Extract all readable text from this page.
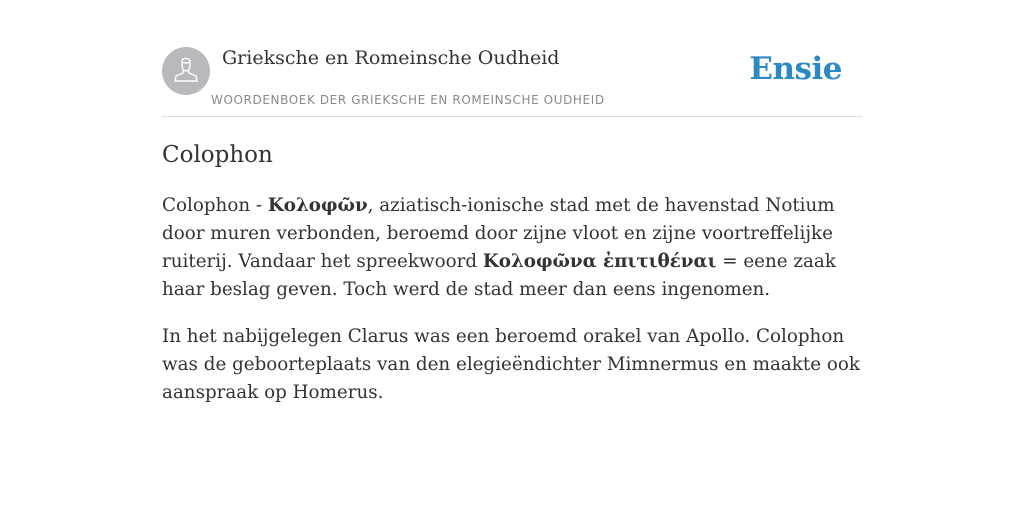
Grieksche en Romeinsche Oudheid
WOORDENBOEK DER GRIEKSCHE EN ROMEINSCHE OUDHEID
Ensie
Colophon

Colophon - Κολοφῶν, aziatisch-ionische stad met de havenstad Notium door muren verbonden, beroemd door zijne vloot en zijne voortreffelijke ruiterij. Vandaar het spreekwoord Κολοφῶνα ἐπιτιθέναι = eene zaak haar beslag geven. Toch werd de stad meer dan eens ingenomen.

In het nabijgelegen Clarus was een beroemd orakel van Apollo. Colophon was de geboorteplaats van den elegieëndichter Mimnermus en maakte ook aanspraak op Homerus.
